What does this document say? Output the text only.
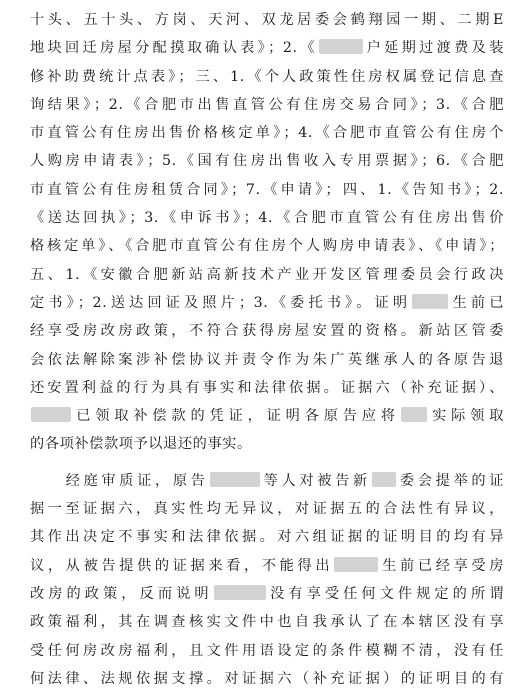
十头、五十头、方岗、天河、双龙居委会鹤翔园一期、二期E
地块回迁房屋分配摸取确认表》；2.《	户延期过渡费及装
修补助费统计点表》；三、1.《个人政策性住房权属登记信息查
询结果》；2.《合肥市出售直管公有住房交易合同》；3.《合肥
市直管公有住房出售价格核定单》；4.《合肥市直管公有住房个
人购房申请表》；5.《国有住房出售收入专用票据》；6.《合肥
市直管公有住房租赁合同》；7.《申请》；四、1.《告知书》；2.
《送达回执》；3.《申诉书》；4.《合肥市直管公有住房出售价
格核定单》、《合肥市直管公有住房个人购房申请表》、《申请》；
五、1.《安徽合肥新站高新技术产业开发区管理委员会行政决
定书》；2.送达回证及照片；3.《委托书》。证明	生前已
经享受房改房政策，不符合获得房屋安置的资格。新站区管委
会依法解除案涉补偿协议并责令作为朱广英继承人的各原告退
还安置利益的行为具有事实和法律依据。证据六（补充证据）、
已领取补偿款的凭证，证明各原告应将 实际领取
的各项补偿款项予以退还的事实。
　　经庭审质证，原告	等人对被告新 委会提举的证
据一至证据六，真实性均无异议，对证据五的合法性有异议，
其作出决定不事实和法律依据。对六组证据的证明目的均有异
议，从被告提供的证据来看，不能得出	生前已经享受房
改房的政策，反而说明	没有享受任何文件规定的所谓
政策福利，其在调查核实文件中也自我承认了在本辖区没有享
受任何房改房福利，且文件用语设定的条件模糊不清，没有任
何法律、法规依据支撑。对证据六（补充证据）的证明目的有
